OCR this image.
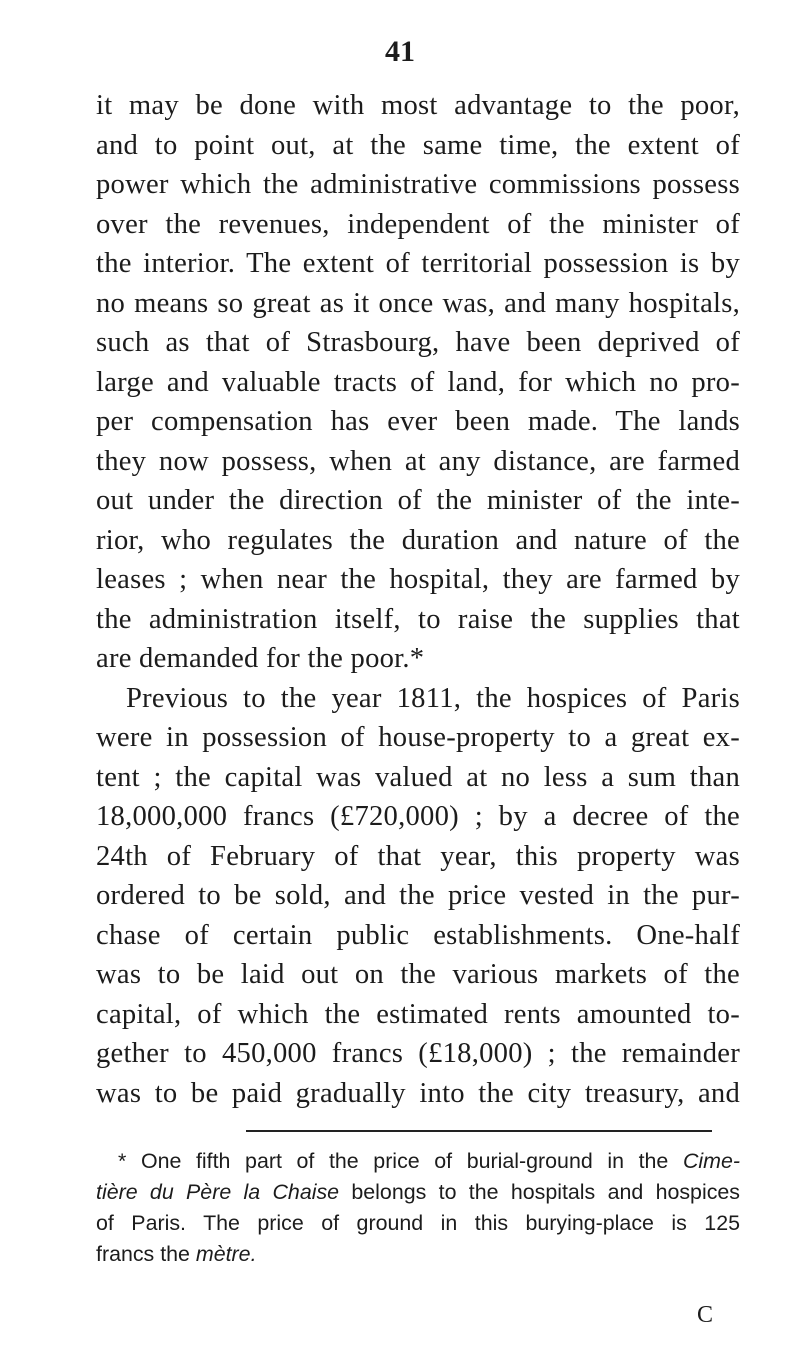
41
it may be done with most advantage to the poor,
and to point out, at the same time, the extent of
power which the administrative commissions possess
over the revenues, independent of the minister of
the interior. The extent of territorial possession is by
no means so great as it once was, and many hospitals,
such as that of Strasbourg, have been deprived of
large and valuable tracts of land, for which no pro-
per compensation has ever been made. The lands
they now possess, when at any distance, are farmed
out under the direction of the minister of the inte-
rior, who regulates the duration and nature of the
leases ; when near the hospital, they are farmed by
the administration itself, to raise the supplies that
are demanded for the poor.*
Previous to the year 1811, the hospices of Paris
were in possession of house-property to a great ex-
tent ; the capital was valued at no less a sum than
18,000,000 francs (£720,000) ; by a decree of the
24th of February of that year, this property was
ordered to be sold, and the price vested in the pur-
chase of certain public establishments. One-half
was to be laid out on the various markets of the
capital, of which the estimated rents amounted to-
gether to 450,000 francs (£18,000) ; the remainder
was to be paid gradually into the city treasury, and
* One fifth part of the price of burial-ground in the Cime-
tière du Père la Chaise belongs to the hospitals and hospices
of Paris. The price of ground in this burying-place is 125
francs the mètre.
C
